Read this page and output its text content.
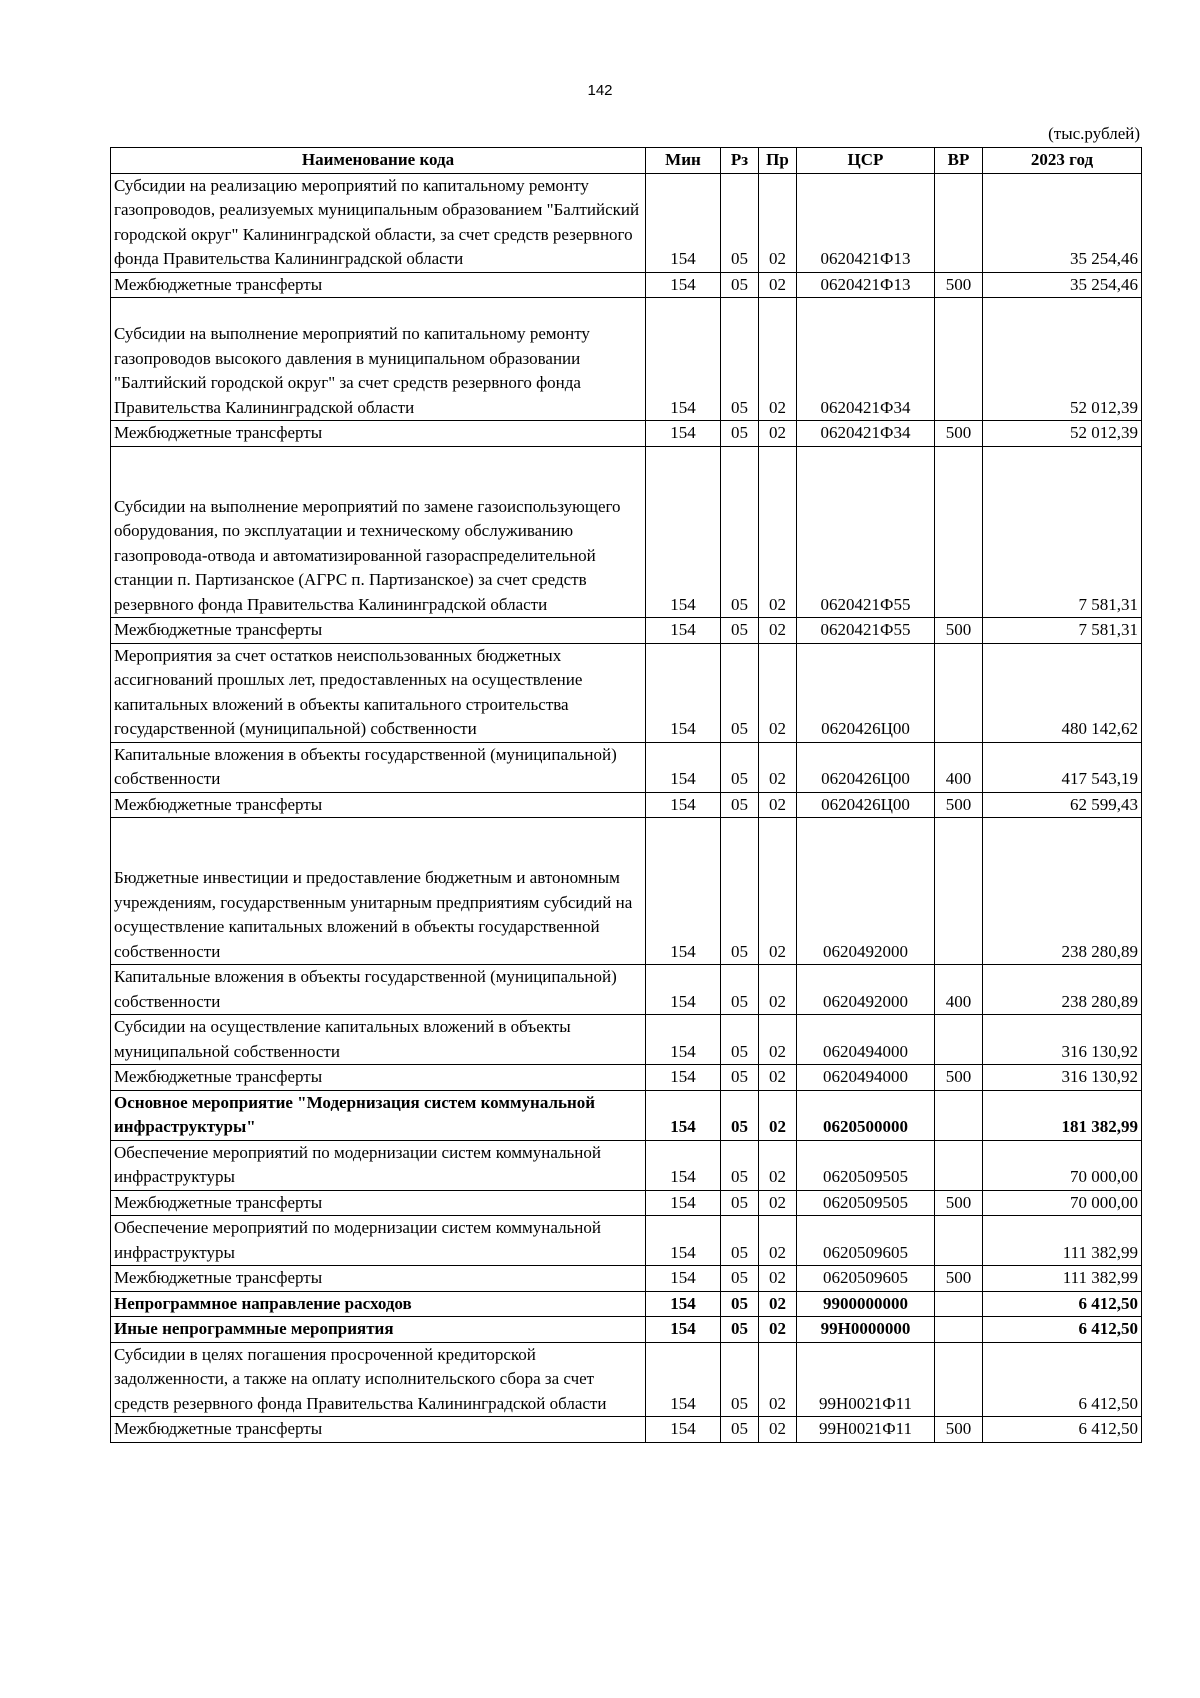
142
(тыс.рублей)
Наименование кода	Мин	Рз	Пр	ЦСР	ВР	2023 год
Субсидии на реализацию мероприятий по капитальному ремонту газопроводов, реализуемых муниципальным образованием "Балтийский городской округ" Калининградской области, за счет средств резервного фонда Правительства Калининградской области	154	05	02	0620421Ф13		35 254,46
Межбюджетные трансферты	154	05	02	0620421Ф13	500	35 254,46

Субсидии на выполнение мероприятий по капитальному ремонту газопроводов высокого давления в муниципальном образовании "Балтийский городской округ" за счет средств резервного фонда Правительства Калининградской области	154	05	02	0620421Ф34		52 012,39
Межбюджетные трансферты	154	05	02	0620421Ф34	500	52 012,39

Субсидии на выполнение мероприятий по замене газоиспользующего оборудования, по эксплуатации и техническому обслуживанию газопровода-отвода и автоматизированной газораспределительной станции п. Партизанское (АГРС п. Партизанское) за счет средств резервного фонда Правительства Калининградской области	154	05	02	0620421Ф55		7 581,31
Межбюджетные трансферты	154	05	02	0620421Ф55	500	7 581,31
Мероприятия за счет остатков неиспользованных бюджетных ассигнований прошлых лет, предоставленных на осуществление капитальных вложений в объекты капитального строительства государственной (муниципальной) собственности	154	05	02	0620426Ц00		480 142,62
Капитальные вложения в объекты государственной (муниципальной) собственности	154	05	02	0620426Ц00	400	417 543,19
Межбюджетные трансферты	154	05	02	0620426Ц00	500	62 599,43

Бюджетные инвестиции и предоставление бюджетным и автономным учреждениям, государственным унитарным предприятиям субсидий на осуществление капитальных вложений в объекты государственной собственности	154	05	02	0620492000		238 280,89
Капитальные вложения в объекты государственной (муниципальной) собственности	154	05	02	0620492000	400	238 280,89
Субсидии на осуществление капитальных вложений в объекты муниципальной собственности	154	05	02	0620494000		316 130,92
Межбюджетные трансферты	154	05	02	0620494000	500	316 130,92
Основное мероприятие "Модернизация систем коммунальной инфраструктуры"	154	05	02	0620500000		181 382,99
Обеспечение мероприятий по модернизации систем коммунальной инфраструктуры	154	05	02	0620509505		70 000,00
Межбюджетные трансферты	154	05	02	0620509505	500	70 000,00
Обеспечение мероприятий по модернизации систем коммунальной инфраструктуры	154	05	02	0620509605		111 382,99
Межбюджетные трансферты	154	05	02	0620509605	500	111 382,99
Непрограммное направление расходов	154	05	02	9900000000		6 412,50
Иные непрограммные мероприятия	154	05	02	99Н0000000		6 412,50
Субсидии в целях погашения просроченной кредиторской задолженности, а также на оплату исполнительского сбора за счет средств резервного фонда Правительства Калининградской области	154	05	02	99Н0021Ф11		6 412,50
Межбюджетные трансферты	154	05	02	99Н0021Ф11	500	6 412,50
